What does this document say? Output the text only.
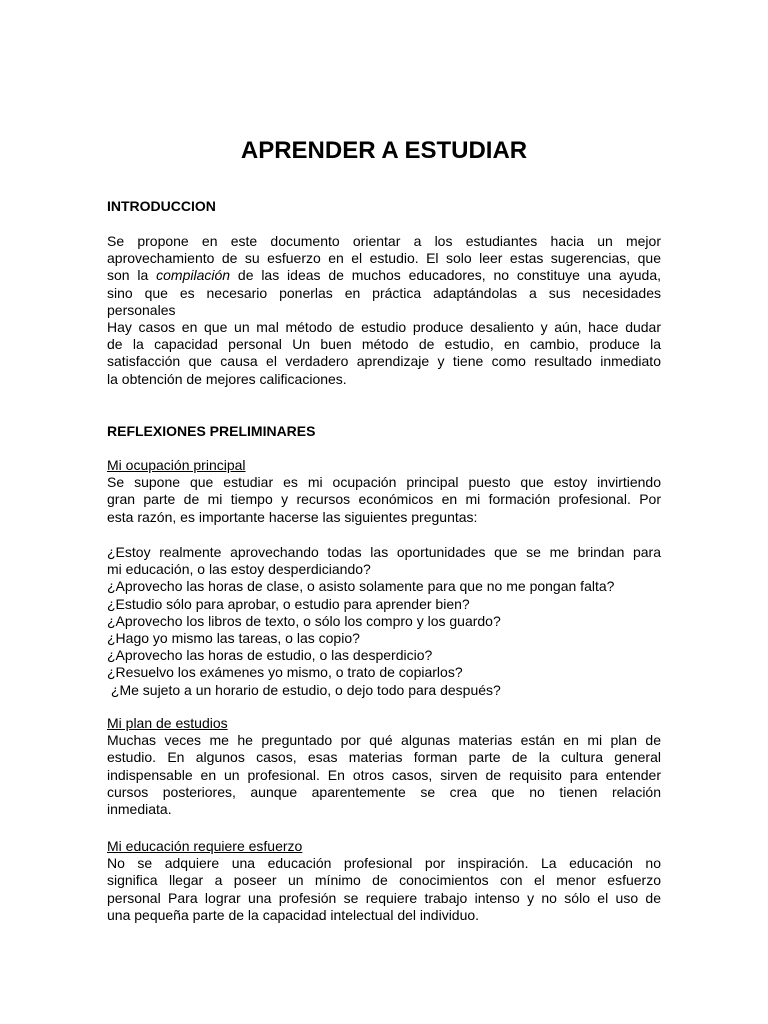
APRENDER A ESTUDIAR
INTRODUCCION
Se propone en este documento orientar a los estudiantes hacia un mejor
aprovechamiento de su esfuerzo en el estudio. El solo leer estas sugerencias, que
son la compilación de las ideas de muchos educadores, no constituye una ayuda,
sino que es necesario ponerlas en práctica adaptándolas a sus necesidades
personales
Hay casos en que un mal método de estudio produce desaliento y aún, hace dudar
de la capacidad personal Un buen método de estudio, en cambio, produce la
satisfacción que causa el verdadero aprendizaje y tiene como resultado inmediato
la obtención de mejores calificaciones.
REFLEXIONES PRELIMINARES
Mi ocupación principal
Se supone que estudiar es mi ocupación principal puesto que estoy invirtiendo
gran parte de mi tiempo y recursos económicos en mi formación profesional. Por
esta razón, es importante hacerse las siguientes preguntas:
¿Estoy realmente aprovechando todas las oportunidades que se me brindan para
mi educación, o las estoy desperdiciando?
¿Aprovecho las horas de clase, o asisto solamente para que no me pongan falta?
¿Estudio sólo para aprobar, o estudio para aprender bien?
¿Aprovecho los libros de texto, o sólo los compro y los guardo?
¿Hago yo mismo las tareas, o las copio?
¿Aprovecho las horas de estudio, o las desperdicio?
¿Resuelvo los exámenes yo mismo, o trato de copiarlos?
¿Me sujeto a un horario de estudio, o dejo todo para después?
Mi plan de estudios
Muchas veces me he preguntado por qué algunas materias están en mi plan de
estudio. En algunos casos, esas materias forman parte de la cultura general
indispensable en un profesional. En otros casos, sirven de requisito para entender
cursos posteriores, aunque aparentemente se crea que no tienen relación
inmediata.
Mi educación requiere esfuerzo
No se adquiere una educación profesional por inspiración. La educación no
significa llegar a poseer un mínimo de conocimientos con el menor esfuerzo
personal Para lograr una profesión se requiere trabajo intenso y no sólo el uso de
una pequeña parte de la capacidad intelectual del individuo.
